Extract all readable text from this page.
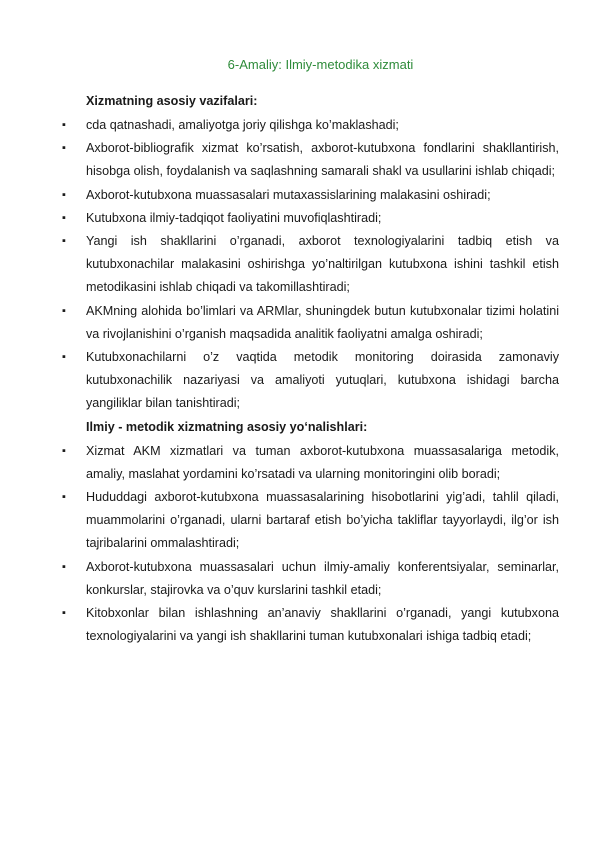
6-Amaliy: Ilmiy-metodika xizmati
Xizmatning asosiy vazifalari:
▪	cda qatnashadi, amaliyotga joriy qilishga ko’maklashadi;
▪	Axborot-bibliografik xizmat ko’rsatish, axborot-kutubxona fondlarini shakllantirish, hisobga olish, foydalanish va saqlashning samarali shakl va usullarini ishlab chiqadi;
▪	Axborot-kutubxona muassasalari mutaxassislarining malakasini oshiradi;
▪	Kutubxona ilmiy-tadqiqot faoliyatini muvofiqlashtiradi;
▪	Yangi ish shakllarini o’rganadi, axborot texnologiyalarini tadbiq etish va kutubxonachilar malakasini oshirishga yo’naltirilgan kutubxona ishini tashkil etish metodikasini ishlab chiqadi va takomillashtiradi;
▪	AKMning alohida bo’limlari va ARMlar, shuningdek butun kutubxonalar tizimi holatini va rivojlanishini o’rganish maqsadida analitik faoliyatni amalga oshiradi;
▪	Kutubxonachilarni o’z vaqtida metodik monitoring doirasida zamonaviy kutubxonachilik nazariyasi va amaliyoti yutuqlari, kutubxona ishidagi barcha yangiliklar bilan tanishtiradi;
Ilmiy - metodik xizmatning asosiy yo‘nalishlari:
▪	Xizmat AKM xizmatlari va tuman axborot-kutubxona muassasalariga metodik, amaliy, maslahat yordamini ko’rsatadi va ularning monitoringini olib boradi;
▪	Hududdagi axborot-kutubxona muassasalarining hisobotlarini yig’adi, tahlil qiladi, muammolarini o’rganadi, ularni bartaraf etish bo’yicha takliflar tayyorlaydi, ilg’or ish tajribalarini ommalashtiradi;
▪	Axborot-kutubxona muassasalari uchun ilmiy-amaliy konferentsiyalar, seminarlar, konkurslar, stajirovka va o’quv kurslarini tashkil etadi;
▪	Kitobxonlar bilan ishlashning an’anaviy shakllarini o’rganadi, yangi kutubxona texnologiyalarini va yangi ish shakllarini tuman kutubxonalari ishiga tadbiq etadi;
